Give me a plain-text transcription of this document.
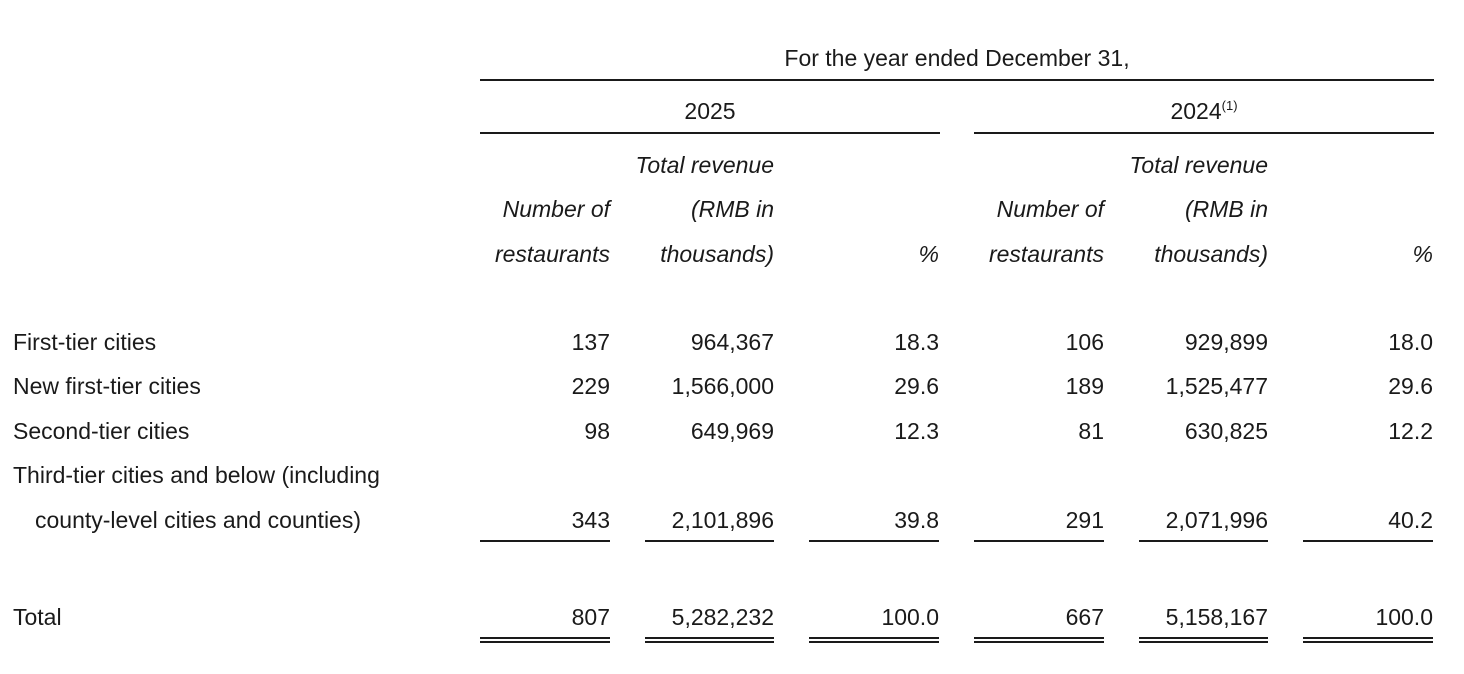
For the year ended December 31,
2025	2024$^{(1)}$
Number of
restaurants
Total revenue
(RMB in
thousands)	%
Number of
restaurants
Total revenue
(RMB in
thousands)	%
First-tier cities	137	964,367	18.3	106	929,899	18.0
New first-tier cities	229	1,566,000	29.6	189	1,525,477	29.6
Second-tier cities	98	649,969	12.3	81	630,825	12.2
Third-tier cities and below (including
county-level cities and counties)	343	2,101,896	39.8	291	2,071,996	40.2
Total	807	5,282,232	100.0	667	5,158,167	100.0
